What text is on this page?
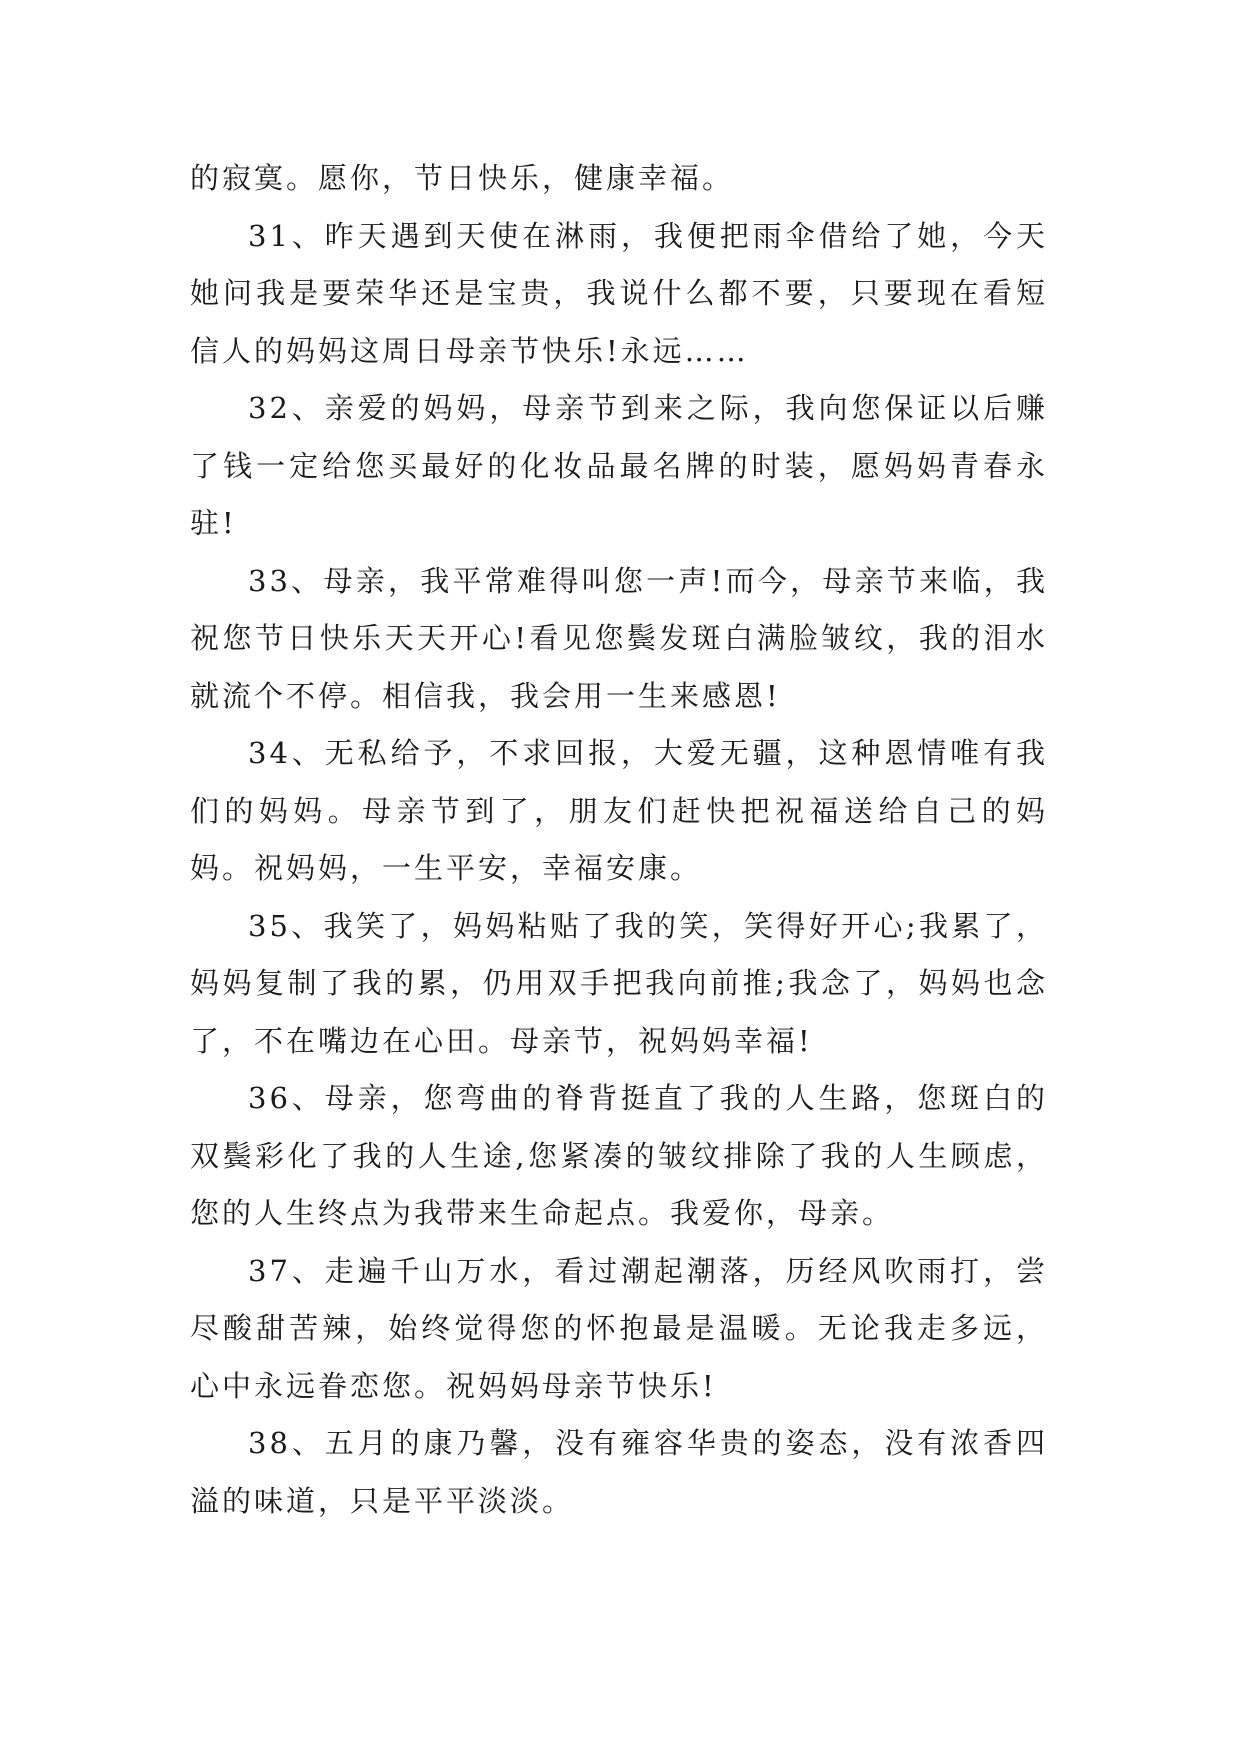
的寂寞。愿你，节日快乐，健康幸福。

31、昨天遇到天使在淋雨，我便把雨伞借给了她，今天她问我是要荣华还是宝贵，我说什么都不要，只要现在看短信人的妈妈这周日母亲节快乐!永远……

32、亲爱的妈妈，母亲节到来之际，我向您保证以后赚了钱一定给您买最好的化妆品最名牌的时装，愿妈妈青春永驻!

33、母亲，我平常难得叫您一声!而今，母亲节来临，我祝您节日快乐天天开心!看见您鬓发斑白满脸皱纹，我的泪水就流个不停。相信我，我会用一生来感恩!

34、无私给予，不求回报，大爱无疆，这种恩情唯有我们的妈妈。母亲节到了，朋友们赶快把祝福送给自己的妈妈。祝妈妈，一生平安，幸福安康。

35、我笑了，妈妈粘贴了我的笑，笑得好开心;我累了，妈妈复制了我的累，仍用双手把我向前推;我念了，妈妈也念了，不在嘴边在心田。母亲节，祝妈妈幸福!

36、母亲，您弯曲的脊背挺直了我的人生路，您斑白的双鬓彩化了我的人生途,您紧凑的皱纹排除了我的人生顾虑，您的人生终点为我带来生命起点。我爱你，母亲。

37、走遍千山万水，看过潮起潮落，历经风吹雨打，尝尽酸甜苦辣，始终觉得您的怀抱最是温暖。无论我走多远，心中永远眷恋您。祝妈妈母亲节快乐!

38、五月的康乃馨，没有雍容华贵的姿态，没有浓香四溢的味道，只是平平淡淡。
